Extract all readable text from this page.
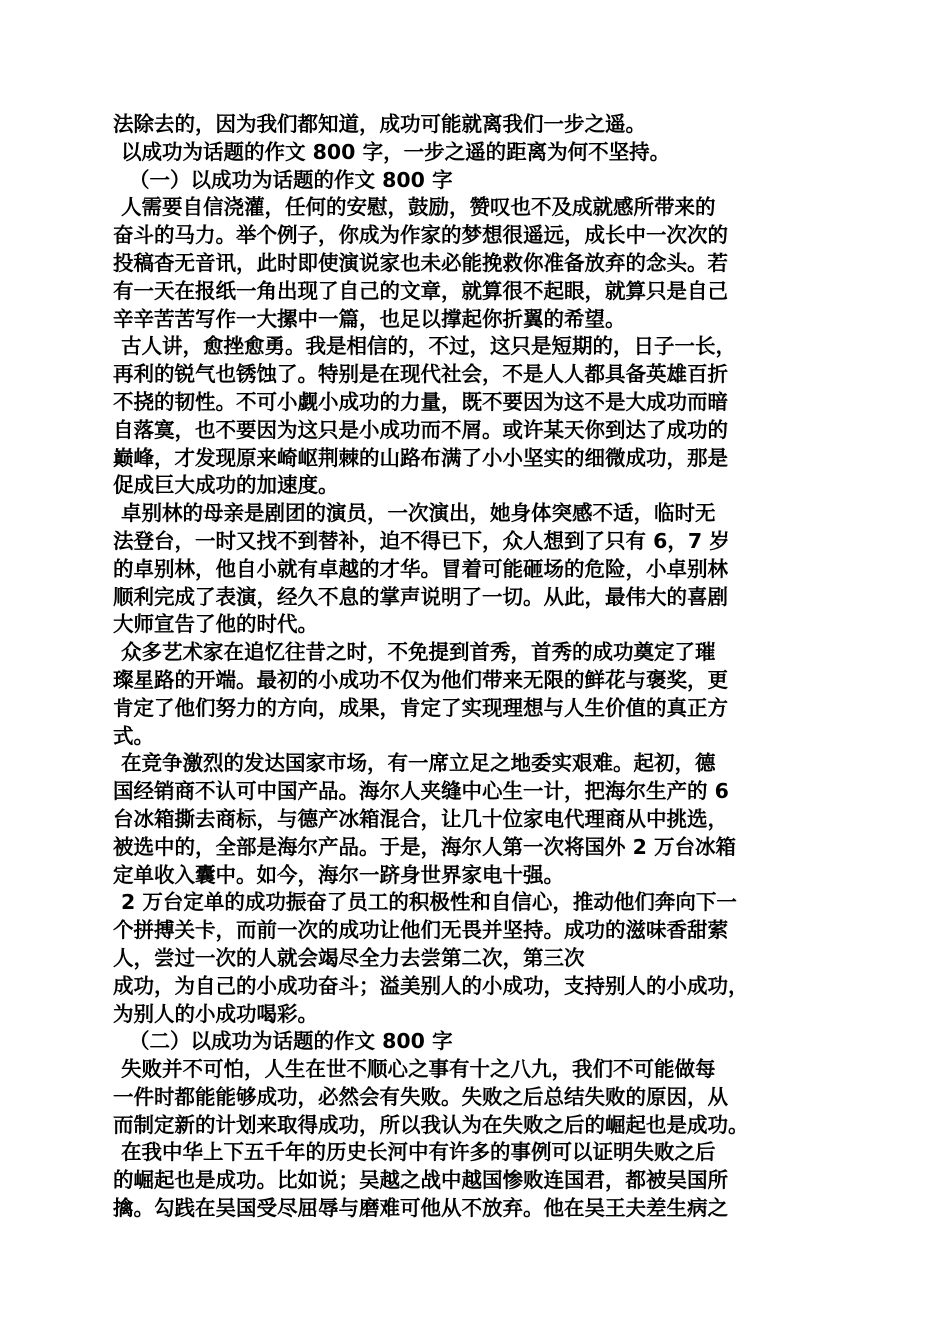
法除去的，因为我们都知道，成功可能就离我们一步之遥。
以成功为话题的作文 800 字，一步之遥的距离为何不坚持。
（一）以成功为话题的作文 800 字
人需要自信浇灌，任何的安慰，鼓励，赞叹也不及成就感所带来的
奋斗的马力。举个例子，你成为作家的梦想很遥远，成长中一次次的
投稿杳无音讯，此时即使演说家也未必能挽救你准备放弃的念头。若
有一天在报纸一角出现了自己的文章，就算很不起眼，就算只是自己
辛辛苦苦写作一大摞中一篇，也足以撑起你折翼的希望。
古人讲，愈挫愈勇。我是相信的，不过，这只是短期的，日子一长，
再利的锐气也锈蚀了。特别是在现代社会，不是人人都具备英雄百折
不挠的韧性。不可小觑小成功的力量，既不要因为这不是大成功而暗
自落寞，也不要因为这只是小成功而不屑。或许某天你到达了成功的
巅峰，才发现原来崎岖荆棘的山路布满了小小坚实的细微成功，那是
促成巨大成功的加速度。
卓别林的母亲是剧团的演员，一次演出，她身体突感不适，临时无
法登台，一时又找不到替补，迫不得已下，众人想到了只有 6，7 岁
的卓别林，他自小就有卓越的才华。冒着可能砸场的危险，小卓别林
顺利完成了表演，经久不息的掌声说明了一切。从此，最伟大的喜剧
大师宣告了他的时代。
众多艺术家在追忆往昔之时，不免提到首秀，首秀的成功奠定了璀
璨星路的开端。最初的小成功不仅为他们带来无限的鲜花与褒奖，更
肯定了他们努力的方向，成果，肯定了实现理想与人生价值的真正方
式。
在竞争激烈的发达国家市场，有一席立足之地委实艰难。起初，德
国经销商不认可中国产品。海尔人夹缝中心生一计，把海尔生产的 6
台冰箱撕去商标，与德产冰箱混合，让几十位家电代理商从中挑选，
被选中的，全部是海尔产品。于是，海尔人第一次将国外 2 万台冰箱
定单收入囊中。如今，海尔一跻身世界家电十强。
2 万台定单的成功振奋了员工的积极性和自信心，推动他们奔向下一
个拼搏关卡，而前一次的成功让他们无畏并坚持。成功的滋味香甜萦
人，尝过一次的人就会竭尽全力去尝第二次，第三次
成功，为自己的小成功奋斗；溢美别人的小成功，支持别人的小成功，
为别人的小成功喝彩。
（二）以成功为话题的作文 800 字
失败并不可怕，人生在世不顺心之事有十之八九，我们不可能做每
一件时都能能够成功，必然会有失败。失败之后总结失败的原因，从
而制定新的计划来取得成功，所以我认为在失败之后的崛起也是成功。
在我中华上下五千年的历史长河中有许多的事例可以证明失败之后
的崛起也是成功。比如说；吴越之战中越国惨败连国君，都被吴国所
擒。勾践在吴国受尽屈辱与磨难可他从不放弃。他在吴王夫差生病之
